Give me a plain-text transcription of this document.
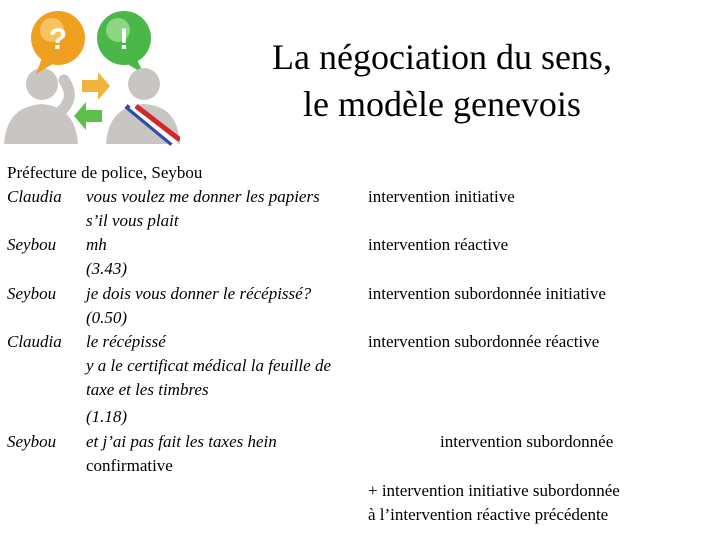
? !	La négociation du sens,
le modèle genevois
Préfecture de police, Seybou
Claudia vous voulez me donner les papiers	intervention initiative
s’il vous plait
Seybou mh	intervention réactive
(3.43)
Seybou je dois vous donner le récépissé?	intervention subordonnée initiative
(0.50)
Claudia le récépissé	intervention subordonnée réactive
y a le certificat médical la feuille de
taxe et les timbres
(1.18)
Seybou et j’ai pas fait les taxes hein	intervention subordonnée
confirmative
+ intervention initiative subordonnée
à l’intervention réactive précédente
